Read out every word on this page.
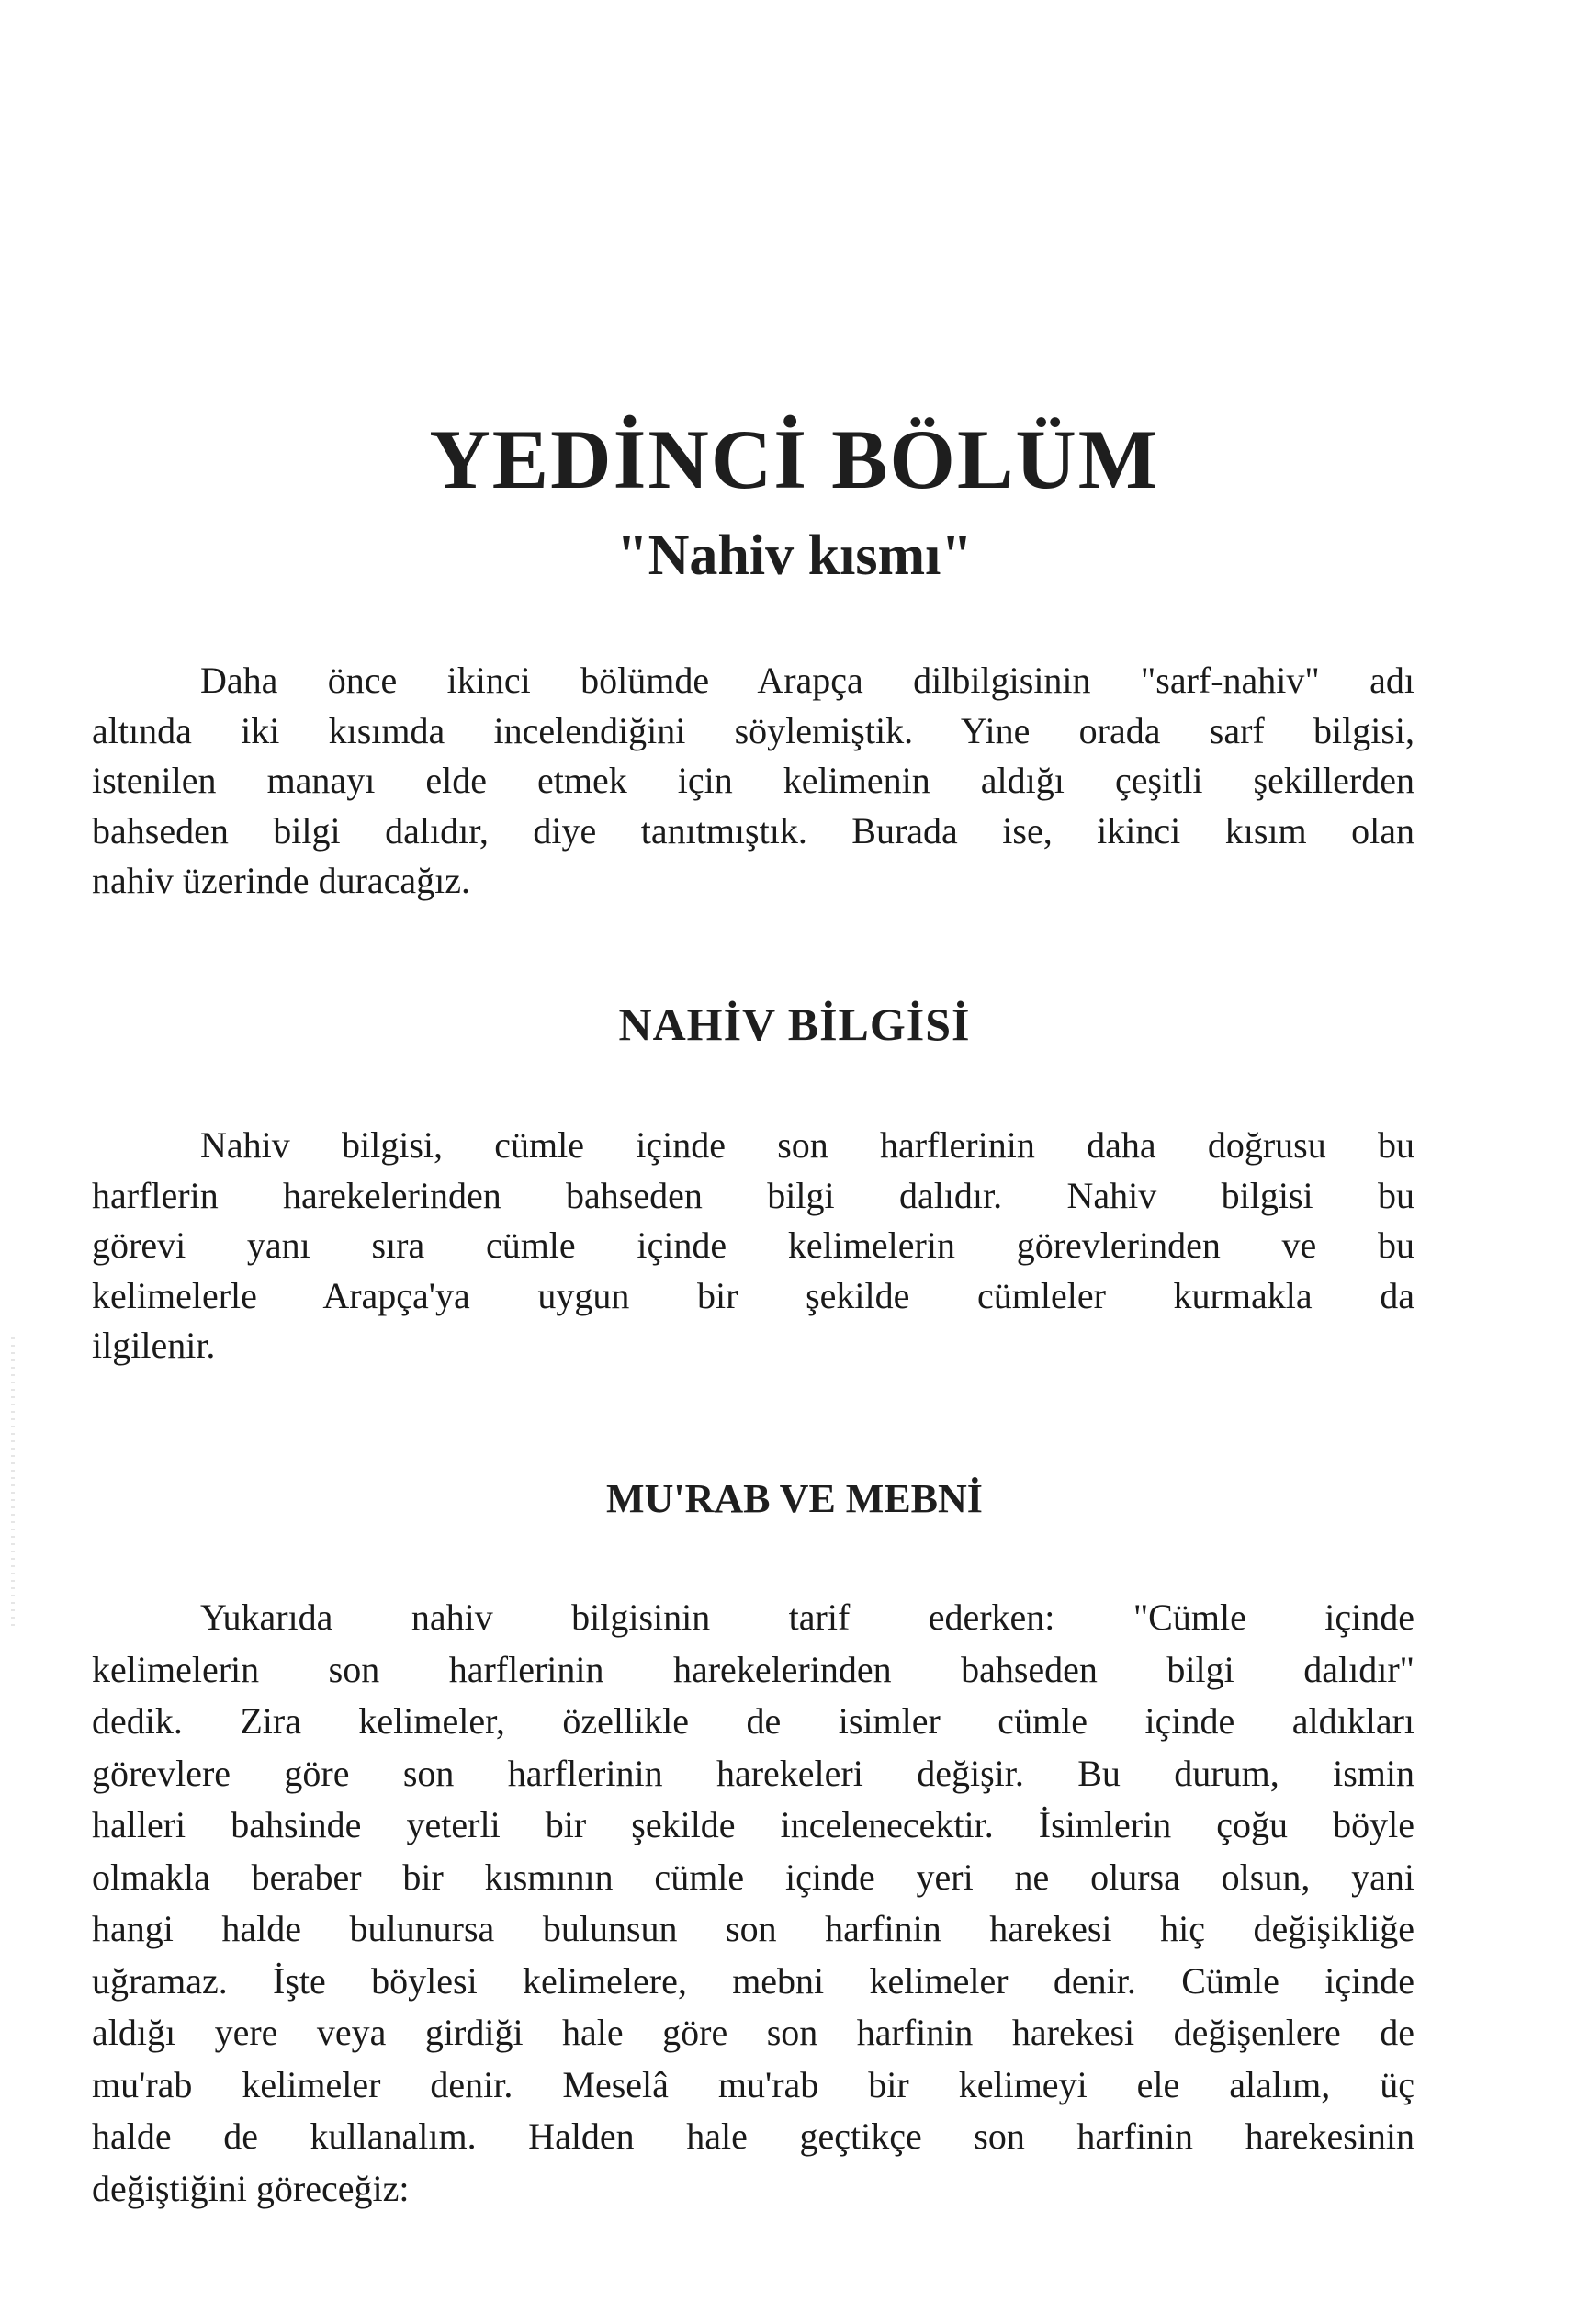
YEDİNCİ BÖLÜM
"Nahiv kısmı"
Daha önce ikinci bölümde Arapça dilbilgisinin "sarf-nahiv" adı
altında iki kısımda incelendiğini söylemiştik. Yine orada sarf bilgisi,
istenilen manayı elde etmek için kelimenin aldığı çeşitli şekillerden
bahseden bilgi dalıdır, diye tanıtmıştık. Burada ise, ikinci kısım olan
nahiv üzerinde duracağız.
NAHİV BİLGİSİ
Nahiv bilgisi, cümle içinde son harflerinin daha doğrusu bu
harflerin harekelerinden bahseden bilgi dalıdır. Nahiv bilgisi bu
görevi yanı sıra cümle içinde kelimelerin görevlerinden ve bu
kelimelerle Arapça'ya uygun bir şekilde cümleler kurmakla da
ilgilenir.
MU'RAB VE MEBNİ
Yukarıda nahiv bilgisinin tarif ederken: "Cümle içinde
kelimelerin son harflerinin harekelerinden bahseden bilgi dalıdır"
dedik. Zira kelimeler, özellikle de isimler cümle içinde aldıkları
görevlere göre son harflerinin harekeleri değişir. Bu durum, ismin
halleri bahsinde yeterli bir şekilde incelenecektir. İsimlerin çoğu böyle
olmakla beraber bir kısmının cümle içinde yeri ne olursa olsun, yani
hangi halde bulunursa bulunsun son harfinin harekesi hiç değişikliğe
uğramaz. İşte böylesi kelimelere, mebni kelimeler denir. Cümle içinde
aldığı yere veya girdiği hale göre son harfinin harekesi değişenlere de
mu'rab kelimeler denir. Meselâ mu'rab bir kelimeyi ele alalım, üç
halde de kullanalım. Halden hale geçtikçe son harfinin harekesinin
değiştiğini göreceğiz:
